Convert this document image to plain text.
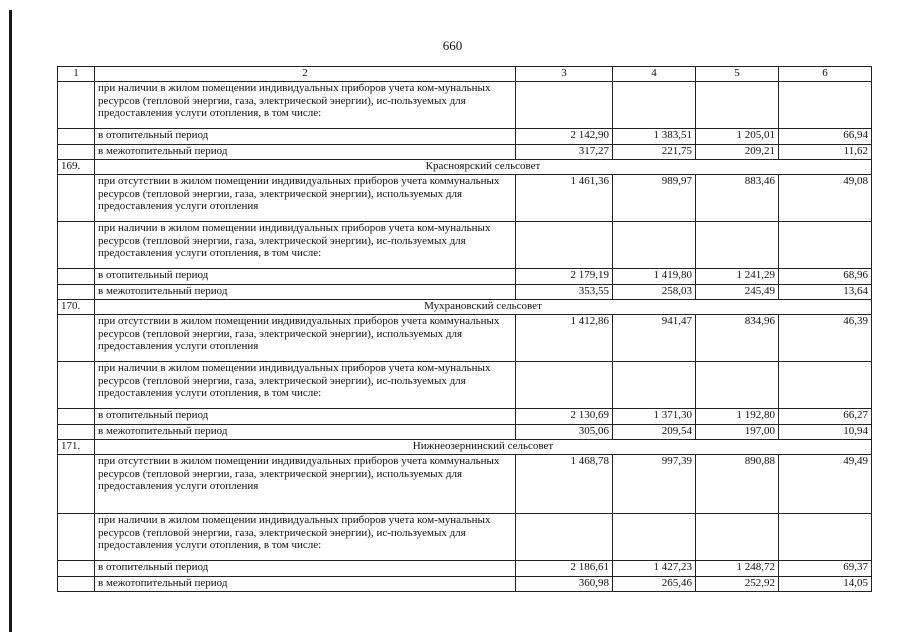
660
1	2	3	4	5	6
	при наличии в жилом помещении индивидуальных приборов учета ком-мунальных ресурсов (тепловой энергии, газа, электрической энергии), ис-пользуемых для предоставления услуги отопления, в том числе:				
	в отопительный период	2 142,90	1 383,51	1 205,01	66,94
	в межотопительный период	317,27	221,75	209,21	11,62
169.	Красноярский сельсовет				
	при отсутствии в жилом помещении индивидуальных приборов учета коммунальных ресурсов (тепловой энергии, газа, электрической энергии), используемых для предоставления услуги отопления	1 461,36	989,97	883,46	49,08
	при наличии в жилом помещении индивидуальных приборов учета ком-мунальных ресурсов (тепловой энергии, газа, электрической энергии), ис-пользуемых для предоставления услуги отопления, в том числе:				
	в отопительный период	2 179,19	1 419,80	1 241,29	68,96
	в межотопительный период	353,55	258,03	245,49	13,64
170.	Мухрановский сельсовет				
	при отсутствии в жилом помещении индивидуальных приборов учета коммунальных ресурсов (тепловой энергии, газа, электрической энергии), используемых для предоставления услуги отопления	1 412,86	941,47	834,96	46,39
	при наличии в жилом помещении индивидуальных приборов учета ком-мунальных ресурсов (тепловой энергии, газа, электрической энергии), ис-пользуемых для предоставления услуги отопления, в том числе:				
	в отопительный период	2 130,69	1 371,30	1 192,80	66,27
	в межотопительный период	305,06	209,54	197,00	10,94
171.	Нижнеозернинский сельсовет				
	при отсутствии в жилом помещении индивидуальных приборов учета коммунальных ресурсов (тепловой энергии, газа, электрической энергии), используемых для предоставления услуги отопления	1 468,78	997,39	890,88	49,49
	при наличии в жилом помещении индивидуальных приборов учета ком-мунальных ресурсов (тепловой энергии, газа, электрической энергии), ис-пользуемых для предоставления услуги отопления, в том числе:				
	в отопительный период	2 186,61	1 427,23	1 248,72	69,37
	в межотопительный период	360,98	265,46	252,92	14,05
